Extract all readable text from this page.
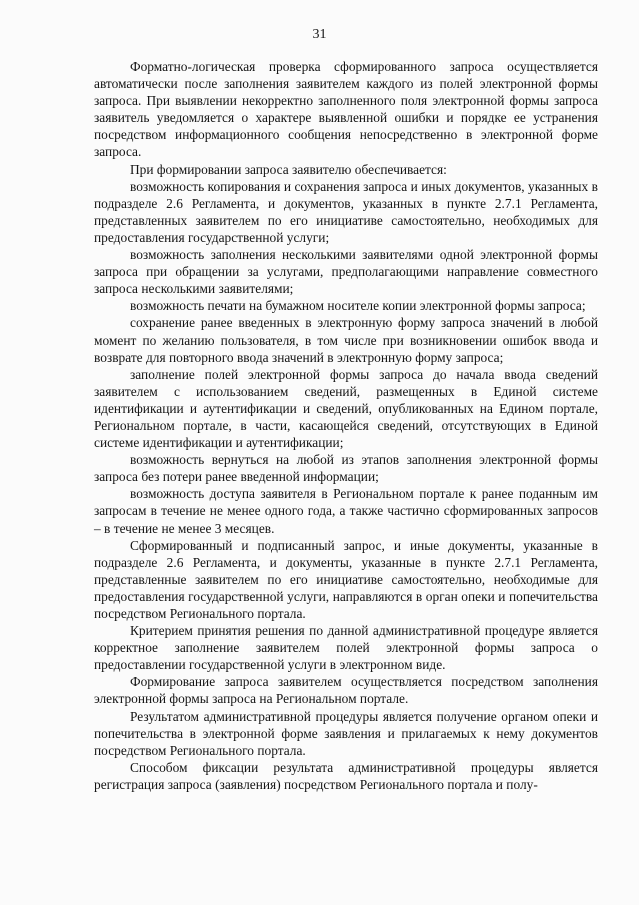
31

Форматно-логическая проверка сформированного запроса осуществляется автоматически после заполнения заявителем каждого из полей электронной формы запроса. При выявлении некорректно заполненного поля электронной формы запроса заявитель уведомляется о характере выявленной ошибки и порядке ее устранения посредством информационного сообщения непосредственно в электронной форме запроса.

При формировании запроса заявителю обеспечивается:

возможность копирования и сохранения запроса и иных документов, указанных в подразделе 2.6 Регламента, и документов, указанных в пункте 2.7.1 Регламента, представленных заявителем по его инициативе самостоятельно, необходимых для предоставления государственной услуги;

возможность заполнения несколькими заявителями одной электронной формы запроса при обращении за услугами, предполагающими направление совместного запроса несколькими заявителями;

возможность печати на бумажном носителе копии электронной формы запроса;

сохранение ранее введенных в электронную форму запроса значений в любой момент по желанию пользователя, в том числе при возникновении ошибок ввода и возврате для повторного ввода значений в электронную форму запроса;

заполнение полей электронной формы запроса до начала ввода сведений заявителем с использованием сведений, размещенных в Единой системе идентификации и аутентификации и сведений, опубликованных на Едином портале, Региональном портале, в части, касающейся сведений, отсутствующих в Единой системе идентификации и аутентификации;

возможность вернуться на любой из этапов заполнения электронной формы запроса без потери ранее введенной информации;

возможность доступа заявителя в Региональном портале к ранее поданным им запросам в течение не менее одного года, а также частично сформированных запросов – в течение не менее 3 месяцев.

Сформированный и подписанный запрос, и иные документы, указанные в подразделе 2.6 Регламента, и документы, указанные в пункте 2.7.1 Регламента, представленные заявителем по его инициативе самостоятельно, необходимые для предоставления государственной услуги, направляются в орган опеки и попечительства посредством Регионального портала.

Критерием принятия решения по данной административной процедуре является корректное заполнение заявителем полей электронной формы запроса о предоставлении государственной услуги в электронном виде.

Формирование запроса заявителем осуществляется посредством заполнения электронной формы запроса на Региональном портале.

Результатом административной процедуры является получение органом опеки и попечительства в электронной форме заявления и прилагаемых к нему документов посредством Регионального портала.

Способом фиксации результата административной процедуры является регистрация запроса (заявления) посредством Регионального портала и полу-
